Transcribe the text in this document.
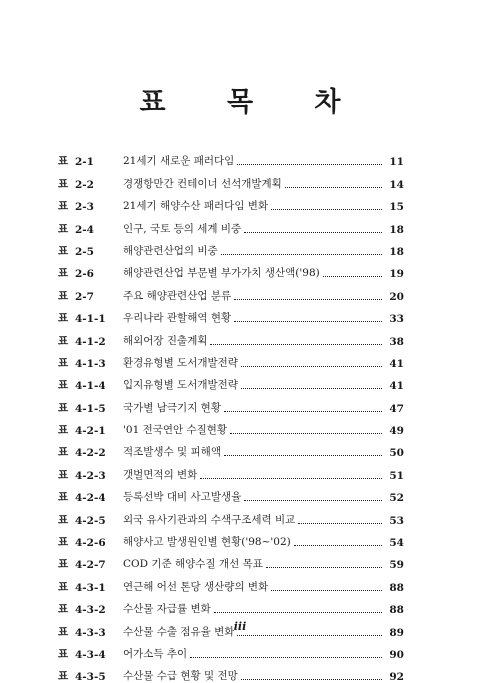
표 목 차
표 2-1	21세기 새로운 패러다임	11
표 2-2	경쟁항만간 컨테이너 선석개발계획	14
표 2-3	21세기 해양수산 패러다임 변화	15
표 2-4	인구, 국토 등의 세계 비중	18
표 2-5	해양관련산업의 비중	18
표 2-6	해양관련산업 부문별 부가가치 생산액('98)	19
표 2-7	주요 해양관련산업 분류	20
표 4-1-1	우리나라 관할해역 현황	33
표 4-1-2	해외어장 진출계획	38
표 4-1-3	환경유형별 도서개발전략	41
표 4-1-4	입지유형별 도서개발전략	41
표 4-1-5	국가별 남극기지 현황	47
표 4-2-1	'01 전국연안 수질현황	49
표 4-2-2	적조발생수 및 피해액	50
표 4-2-3	갯벌면적의 변화	51
표 4-2-4	등록선박 대비 사고발생율	52
표 4-2-5	외국 유사기관과의 수색구조세력 비교	53
표 4-2-6	해양사고 발생원인별 현황('98~'02)	54
표 4-2-7	COD 기준 해양수질 개선 목표	59
표 4-3-1	연근해 어선 톤당 생산량의 변화	88
표 4-3-2	수산물 자급률 변화	88
표 4-3-3	수산물 수출 점유율 변화	89
표 4-3-4	어가소득 추이	90
표 4-3-5	수산물 수급 현황 및 전망	92
iii
